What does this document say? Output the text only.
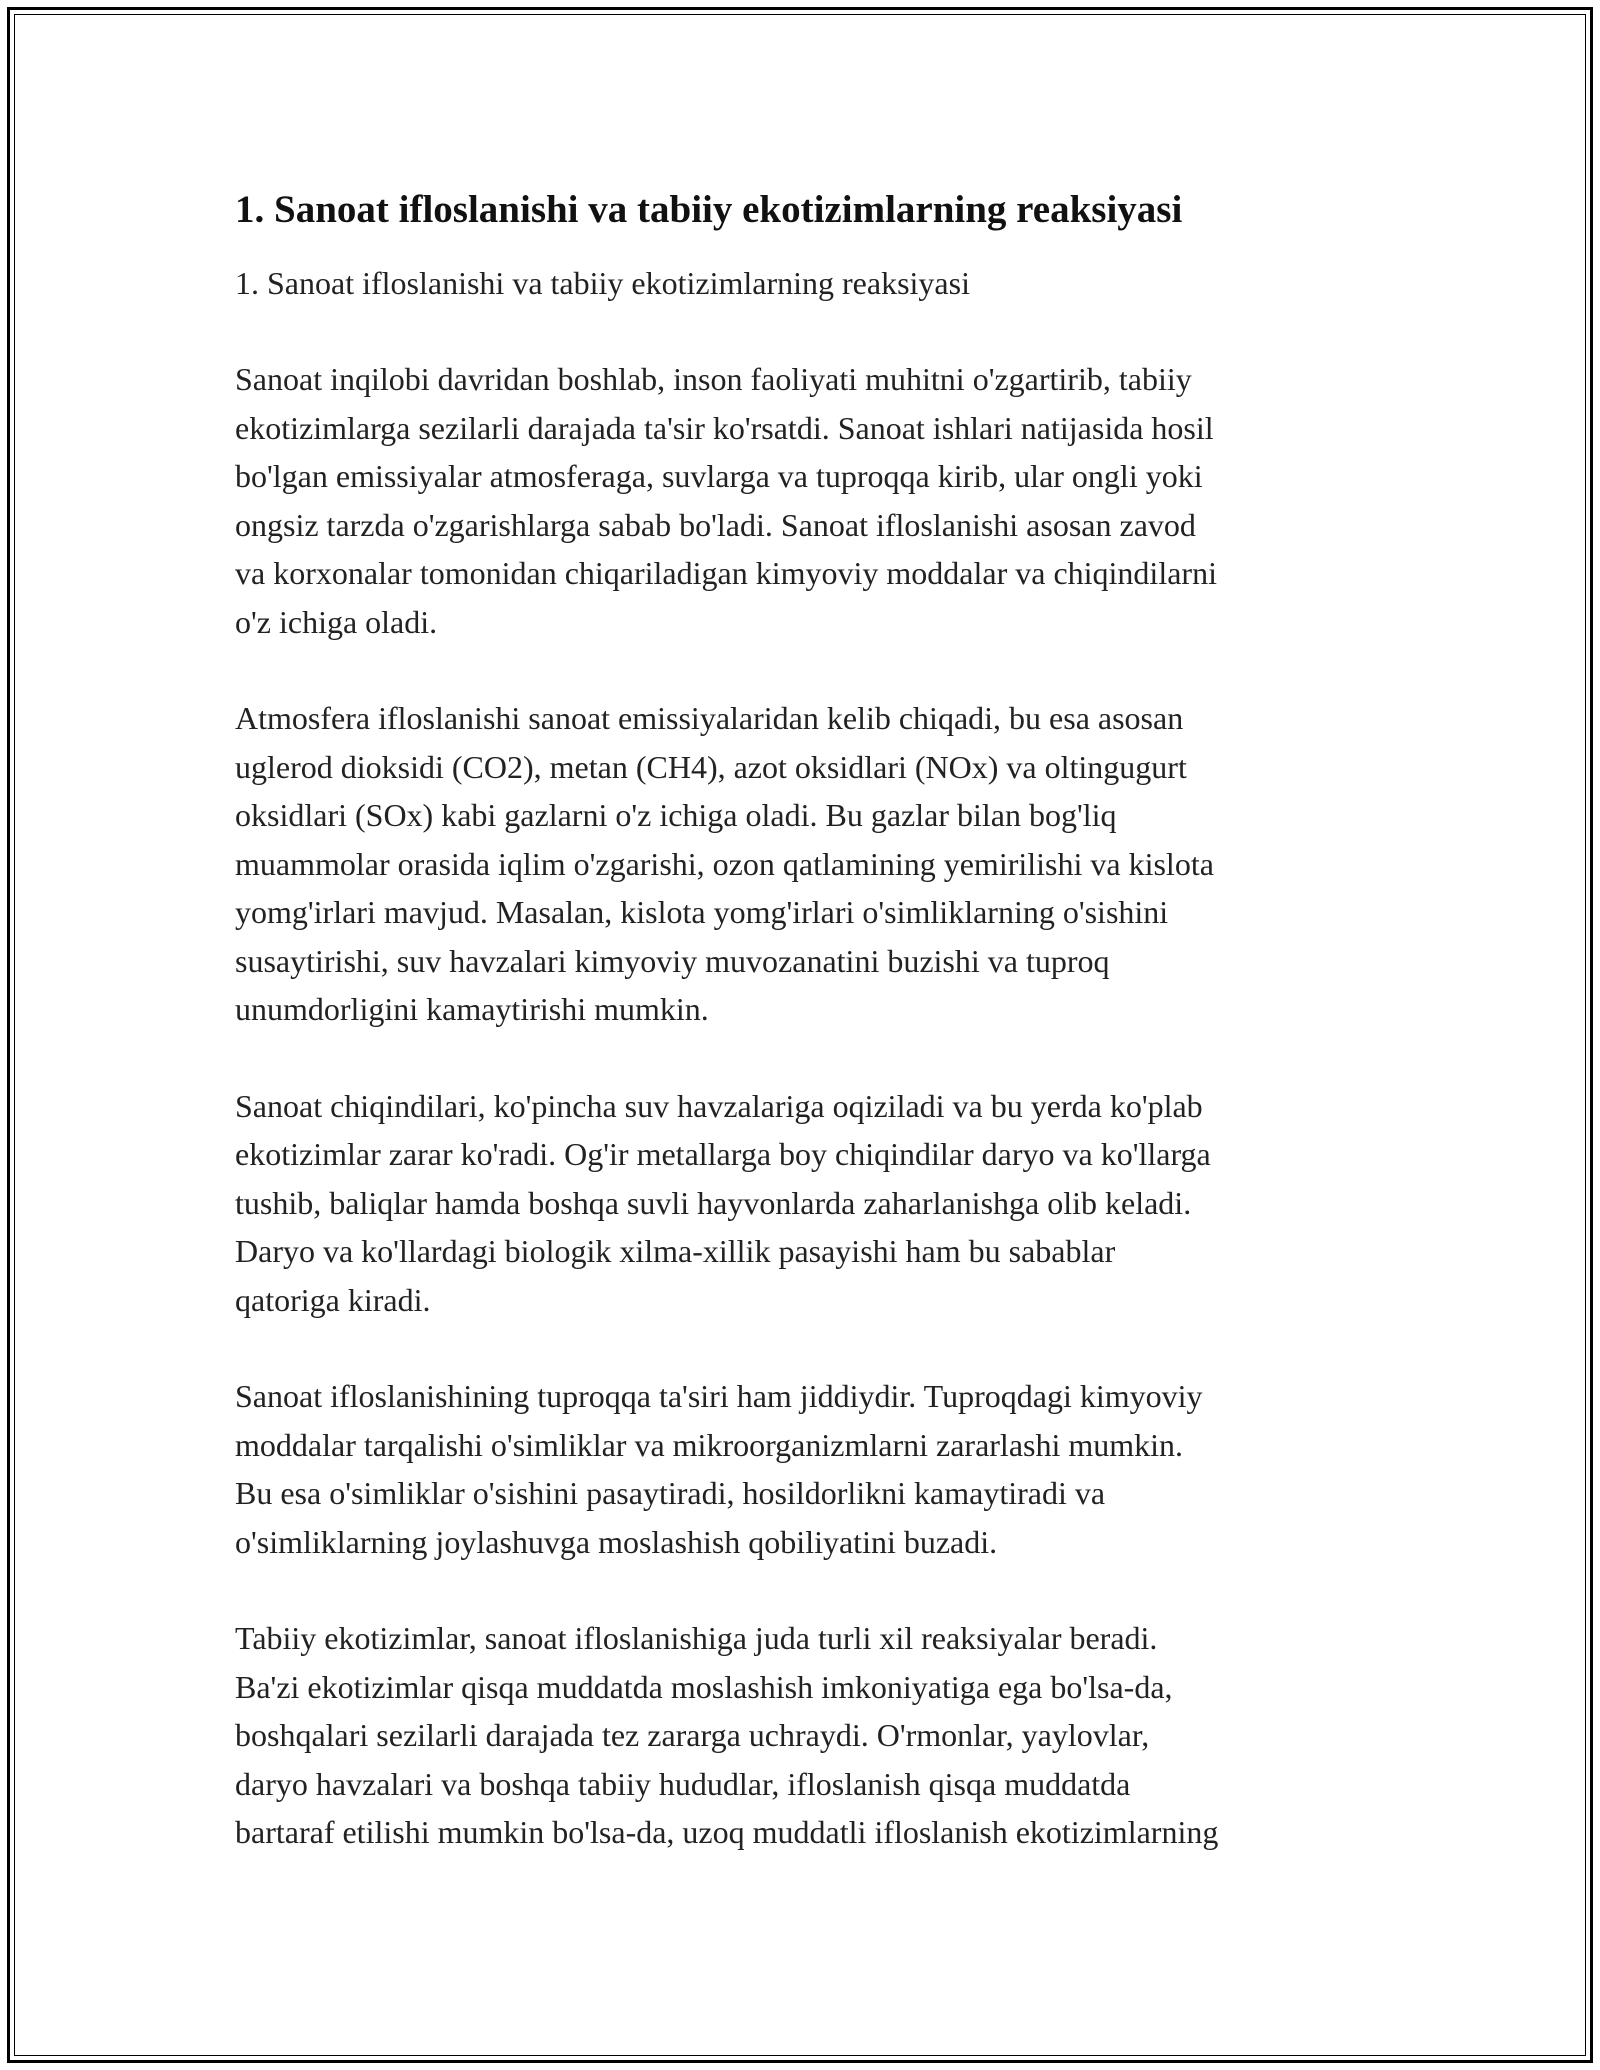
1. Sanoat ifloslanishi va tabiiy ekotizimlarning reaksiyasi
1. Sanoat ifloslanishi va tabiiy ekotizimlarning reaksiyasi

Sanoat inqilobi davridan boshlab, inson faoliyati muhitni o'zgartirib, tabiiy
ekotizimlarga sezilarli darajada ta'sir ko'rsatdi. Sanoat ishlari natijasida hosil
bo'lgan emissiyalar atmosferaga, suvlarga va tuproqqa kirib, ular ongli yoki
ongsiz tarzda o'zgarishlarga sabab bo'ladi. Sanoat ifloslanishi asosan zavod
va korxonalar tomonidan chiqariladigan kimyoviy moddalar va chiqindilarni
o'z ichiga oladi.

Atmosfera ifloslanishi sanoat emissiyalaridan kelib chiqadi, bu esa asosan
uglerod dioksidi (CO2), metan (CH4), azot oksidlari (NOx) va oltingugurt
oksidlari (SOx) kabi gazlarni o'z ichiga oladi. Bu gazlar bilan bog'liq
muammolar orasida iqlim o'zgarishi, ozon qatlamining yemirilishi va kislota
yomg'irlari mavjud. Masalan, kislota yomg'irlari o'simliklarning o'sishini
susaytirishi, suv havzalari kimyoviy muvozanatini buzishi va tuproq
unumdorligini kamaytirishi mumkin.

Sanoat chiqindilari, ko'pincha suv havzalariga oqiziladi va bu yerda ko'plab
ekotizimlar zarar ko'radi. Og'ir metallarga boy chiqindilar daryo va ko'llarga
tushib, baliqlar hamda boshqa suvli hayvonlarda zaharlanishga olib keladi.
Daryo va ko'llardagi biologik xilma-xillik pasayishi ham bu sabablar
qatoriga kiradi.

Sanoat ifloslanishining tuproqqa ta'siri ham jiddiydir. Tuproqdagi kimyoviy
moddalar tarqalishi o'simliklar va mikroorganizmlarni zararlashi mumkin.
Bu esa o'simliklar o'sishini pasaytiradi, hosildorlikni kamaytiradi va
o'simliklarning joylashuvga moslashish qobiliyatini buzadi.

Tabiiy ekotizimlar, sanoat ifloslanishiga juda turli xil reaksiyalar beradi.
Ba'zi ekotizimlar qisqa muddatda moslashish imkoniyatiga ega bo'lsa-da,
boshqalari sezilarli darajada tez zararga uchraydi. O'rmonlar, yaylovlar,
daryo havzalari va boshqa tabiiy hududlar, ifloslanish qisqa muddatda
bartaraf etilishi mumkin bo'lsa-da, uzoq muddatli ifloslanish ekotizimlarning
